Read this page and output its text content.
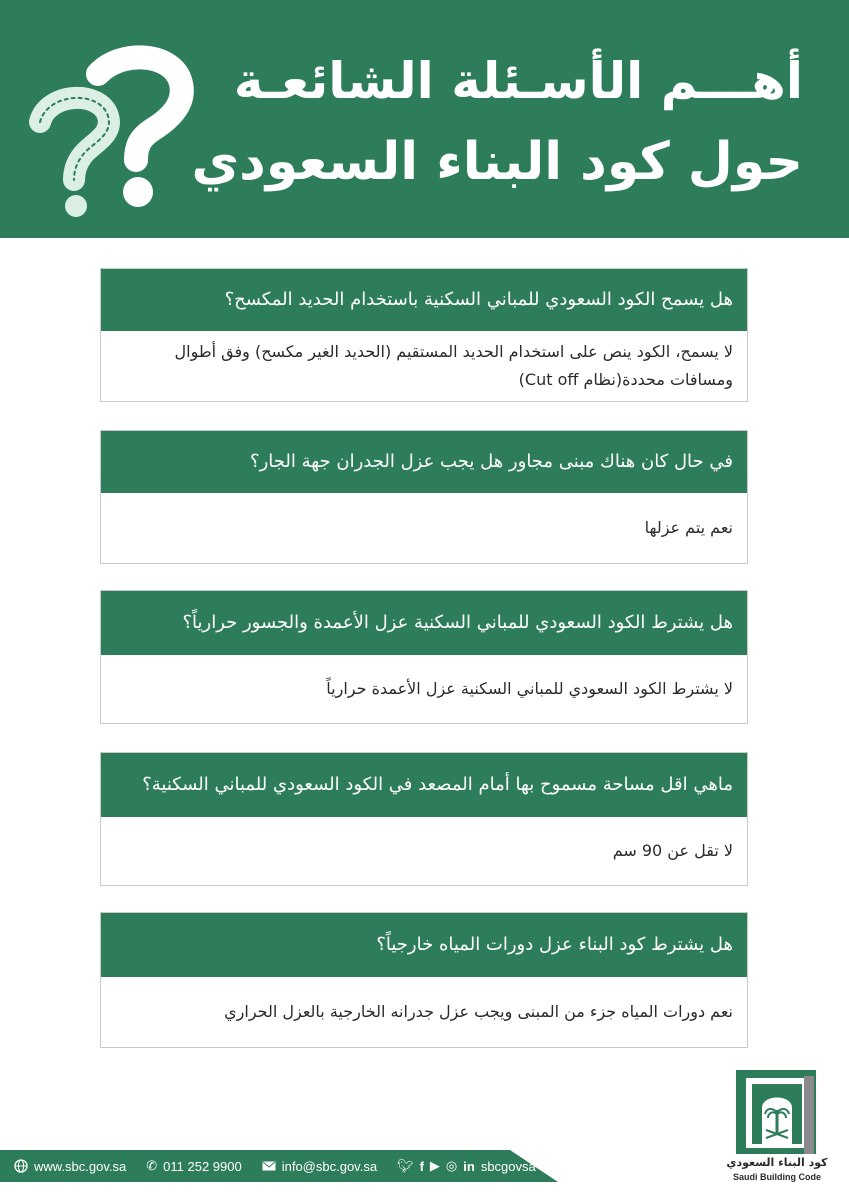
أهـــم الأسـئلة الشائعـة
حول كود البناء السعودي
هل يسمح الكود السعودي للمباني السكنية باستخدام الحديد المكسح؟
لا يسمح، الكود ينص على استخدام الحديد المستقيم (الحديد الغير مكسح) وفق أطوال ومسافات محددة(نظام Cut off)
في حال كان هناك مبنى مجاور هل يجب عزل الجدران جهة الجار؟
نعم يتم عزلها
هل يشترط الكود السعودي للمباني السكنية عزل الأعمدة والجسور حرارياً؟
لا يشترط الكود السعودي للمباني السكنية عزل الأعمدة حرارياً
ماهي اقل مساحة مسموح بها أمام المصعد في الكود السعودي للمباني السكنية؟
لا تقل عن 90 سم
هل يشترط كود البناء عزل دورات المياه خارجياً؟
نعم دورات المياه جزء من المبنى ويجب عزل جدرانه الخارجية بالعزل الحراري
كود البناء السعودي
Saudi Building Code
www.sbc.gov.sa ✆ 011 252 9900	info@sbc.gov.sa 🐦︎ f ▶ ◎ in sbcgovsa
